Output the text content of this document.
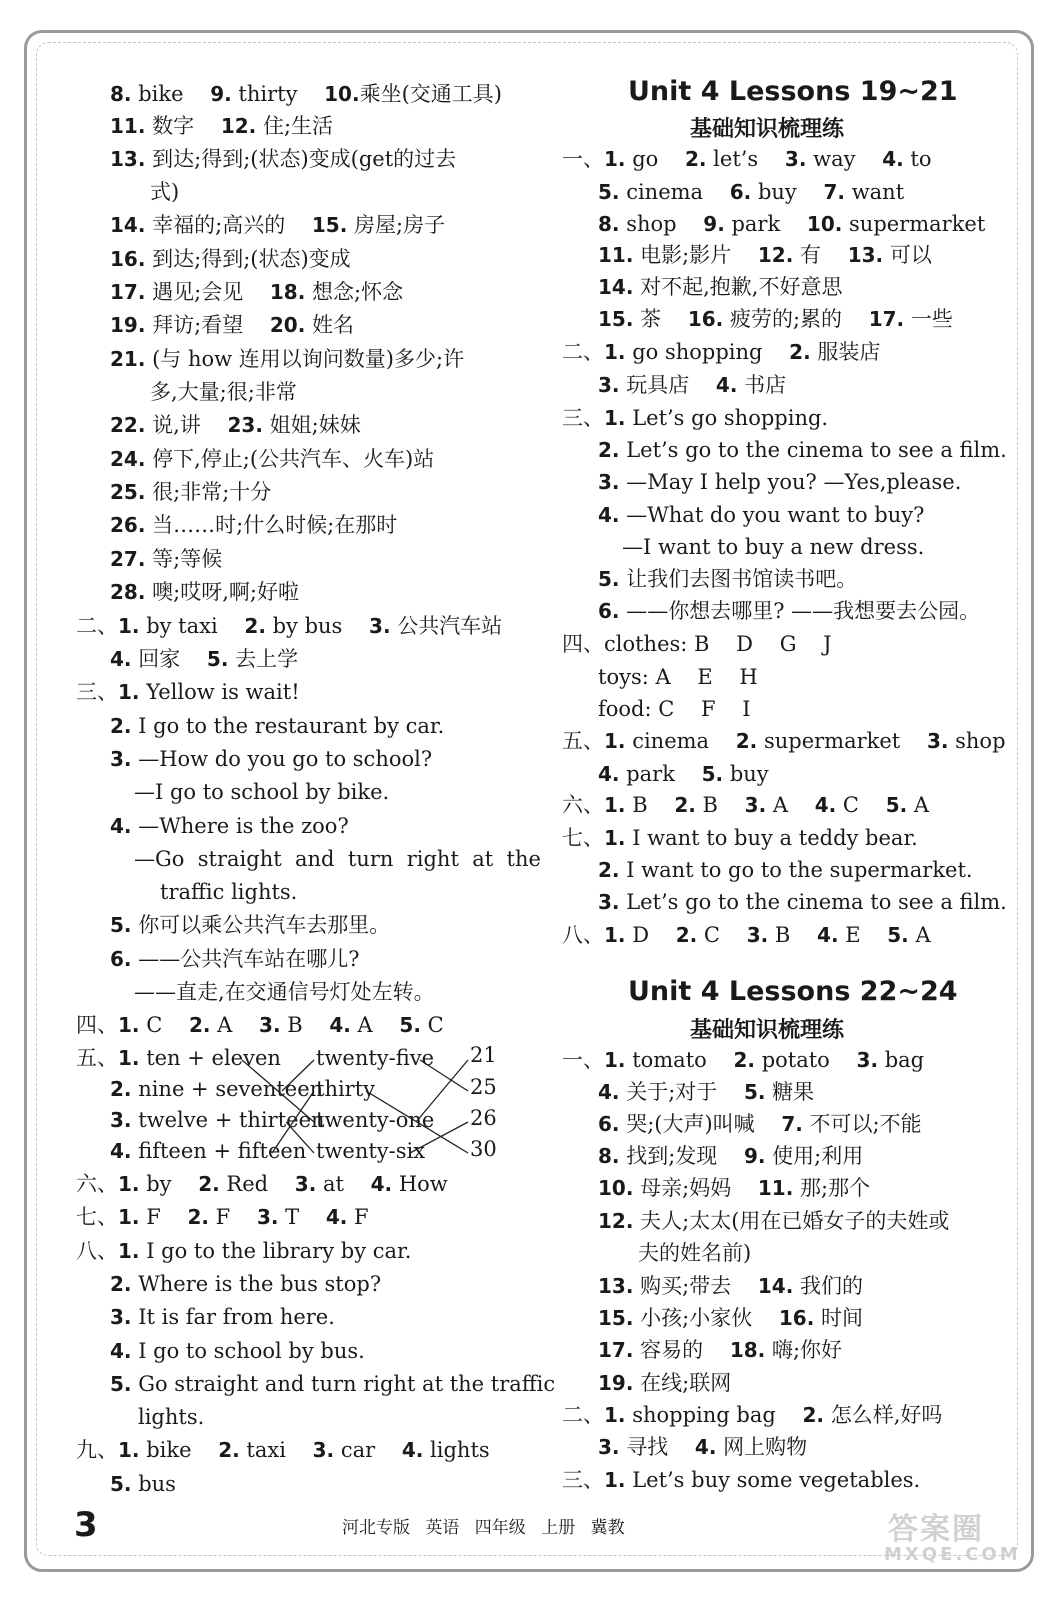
8. bike    9. thirty    10.乘坐(交通工具)
11. 数字    12. 住;生活
13. 到达;得到;(状态)变成(get的过去
式)
14. 幸福的;高兴的    15. 房屋;房子
16. 到达;得到;(状态)变成
17. 遇见;会见    18. 想念;怀念
19. 拜访;看望    20. 姓名
21. (与 how 连用以询问数量)多少;许
多,大量;很;非常
22. 说,讲    23. 姐姐;妹妹
24. 停下,停止;(公共汽车、火车)站
25. 很;非常;十分
26. 当……时;什么时候;在那时
27. 等;等候
28. 噢;哎呀,啊;好啦
二、1. by taxi    2. by bus    3. 公共汽车站
4. 回家    5. 去上学
三、1. Yellow is wait!
2. I go to the restaurant by car.
3. —How do you go to school?
—I go to school by bike.
4. —Where is the zoo?
—Go  straight  and  turn  right  at  the
traffic lights.
5. 你可以乘公共汽车去那里。
6. ——公共汽车站在哪儿?
——直走,在交通信号灯处左转。
四、1. C    2. A    3. B    4. A    5. C
五、1. ten + eleven
2. nine + seventeen
3. twelve + thirteen
4. fifteen + fifteen
六、1. by    2. Red    3. at    4. How
七、1. F    2. F    3. T    4. F
八、1. I go to the library by car.
2. Where is the bus stop?
3. It is far from here.
4. I go to school by bus.
5. Go straight and turn right at the traffic
lights.
九、1. bike    2. taxi    3. car    4. lights
5. bus
twenty-five
thirty
twenty-one
twenty-six
21
25
26
30
Unit 4 Lessons 19~21
基础知识梳理练
Unit 4 Lessons 22~24
基础知识梳理练
一、1. go    2. let’s    3. way    4. to
5. cinema    6. buy    7. want
8. shop    9. park    10. supermarket
11. 电影;影片    12. 有    13. 可以
14. 对不起,抱歉,不好意思
15. 茶    16. 疲劳的;累的    17. 一些
二、1. go shopping    2. 服装店
3. 玩具店    4. 书店
三、1. Let’s go shopping.
2. Let’s go to the cinema to see a film.
3. —May I help you? —Yes,please.
4. —What do you want to buy?
—I want to buy a new dress.
5. 让我们去图书馆读书吧。
6. ——你想去哪里? ——我想要去公园。
四、clothes: B    D    G    J
toys: A    E    H
food: C    F    I
五、1. cinema    2. supermarket    3. shop
4. park    5. buy
六、1. B    2. B    3. A    4. C    5. A
七、1. I want to buy a teddy bear.
2. I want to go to the supermarket.
3. Let’s go to the cinema to see a film.
八、1. D    2. C    3. B    4. E    5. A
一、1. tomato    2. potato    3. bag
4. 关于;对于    5. 糖果
6. 哭;(大声)叫喊    7. 不可以;不能
8. 找到;发现    9. 使用;利用
10. 母亲;妈妈    11. 那;那个
12. 夫人;太太(用在已婚女子的夫姓或
夫的姓名前)
13. 购买;带去    14. 我们的
15. 小孩;小家伙    16. 时间
17. 容易的    18. 嗨;你好
19. 在线;联网
二、1. shopping bag    2. 怎么样,好吗
3. 寻找    4. 网上购物
三、1. Let’s buy some vegetables.
3	河北专版 英语 四年级 上册 冀教	答案圈
MXQE.COM
